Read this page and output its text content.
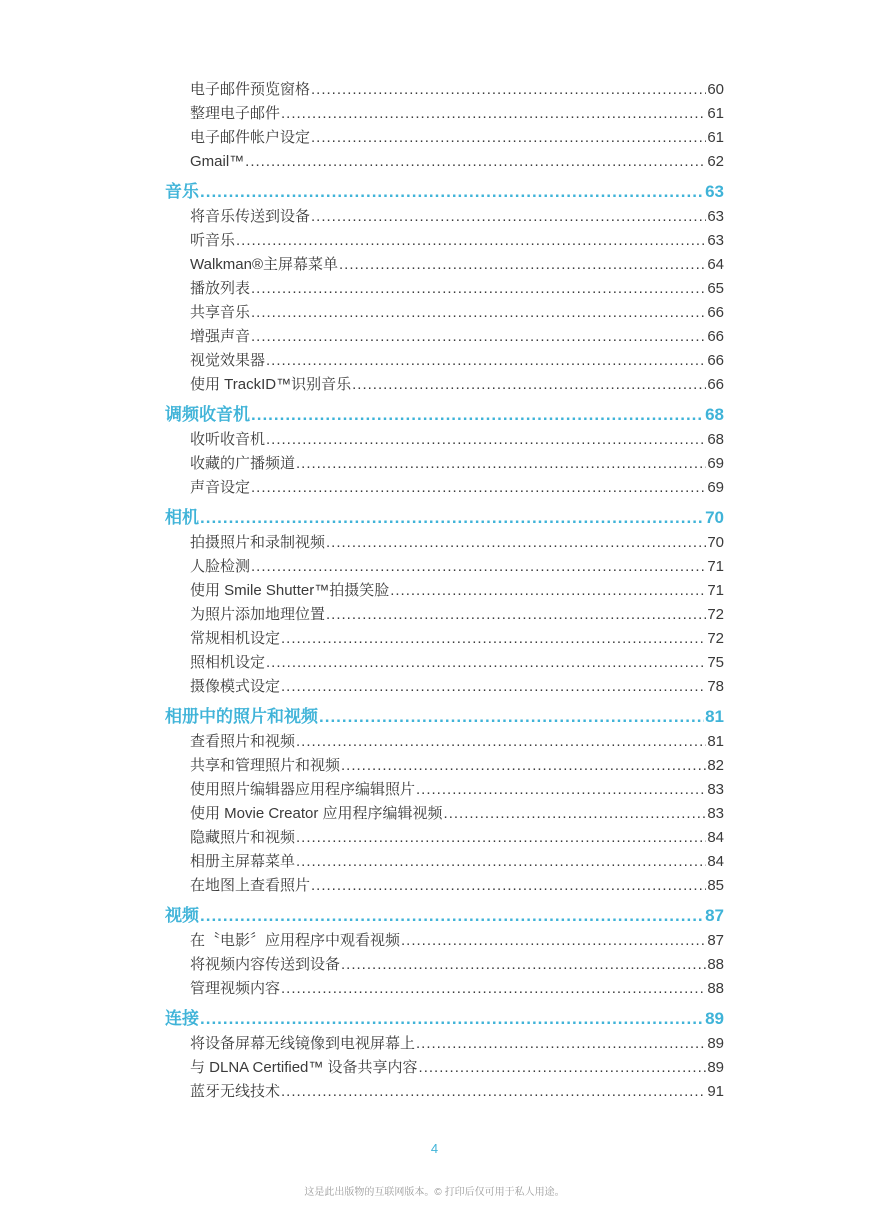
电子邮件预览窗格 .....	60
整理电子邮件 .....	61
电子邮件帐户设定 .....	61
Gmail™ .....	62
音乐 .....	63
将音乐传送到设备 .....	63
听音乐 .....	63
Walkman®主屏幕菜单 .....	64
播放列表 .....	65
共享音乐 .....	66
增强声音 .....	66
视觉效果器 .....	66
使用 TrackID™识别音乐 .....	66
调频收音机 .....	68
收听收音机 .....	68
收藏的广播频道 .....	69
声音设定 .....	69
相机 .....	70
拍摄照片和录制视频 .....	70
人脸检测 .....	71
使用 Smile Shutter™拍摄笑脸 .....	71
为照片添加地理位置 .....	72
常规相机设定 .....	72
照相机设定 .....	75
摄像模式设定 .....	78
相册中的照片和视频 .....	81
查看照片和视频 .....	81
共享和管理照片和视频 .....	82
使用照片编辑器应用程序编辑照片 .....	83
使用 Movie Creator 应用程序编辑视频 .....	83
隐藏照片和视频 .....	84
相册主屏幕菜单 .....	84
在地图上查看照片 .....	85
视频 .....	87
在〝电影〞应用程序中观看视频 .....	87
将视频内容传送到设备 .....	88
管理视频内容 .....	88
连接 .....	89
将设备屏幕无线镜像到电视屏幕上 .....	89
与 DLNA Certified™ 设备共享内容 .....	89
蓝牙无线技术 .....	91
4
这是此出版物的互联网版本。© 打印后仅可用于私人用途。
